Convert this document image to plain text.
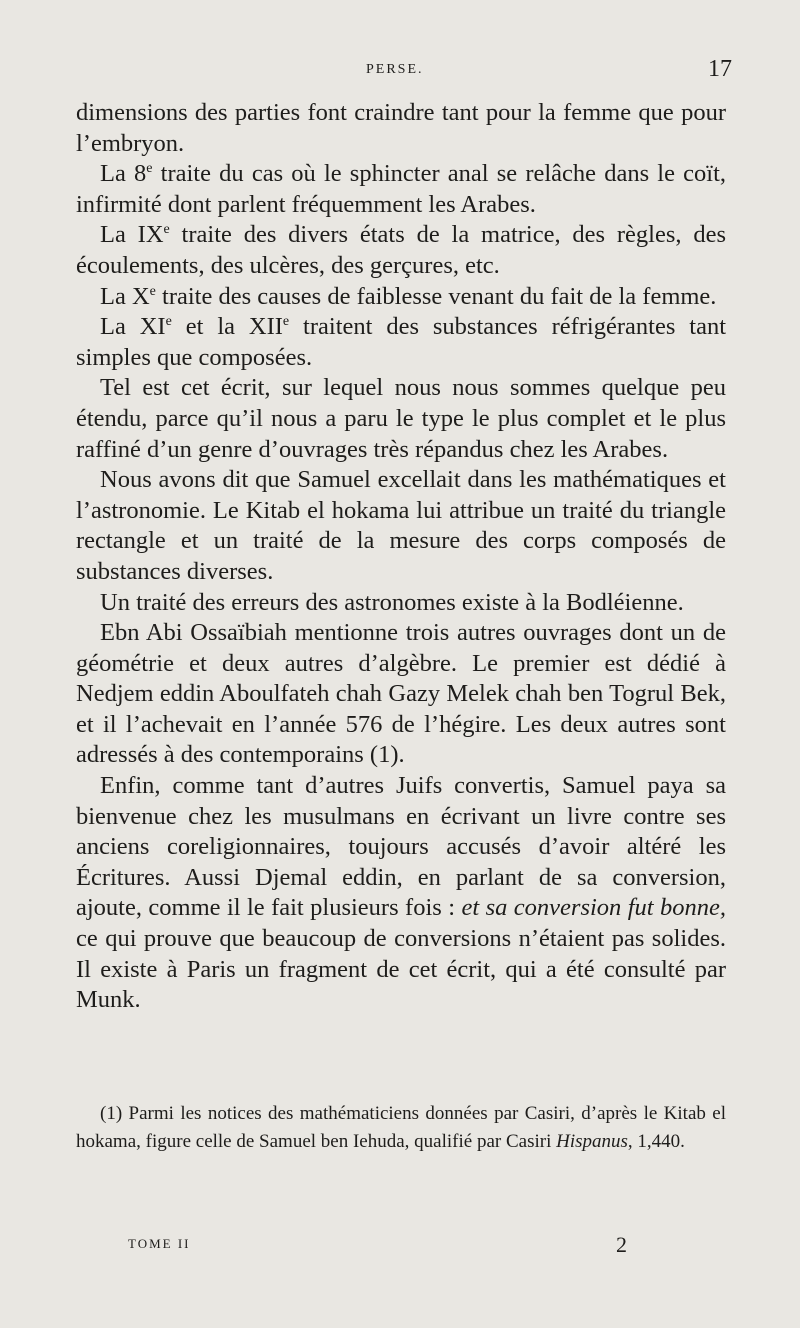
PERSE.	17

dimensions des parties font craindre tant pour la femme que pour l’embryon.

La 8e traite du cas où le sphincter anal se relâche dans le coït, infirmité dont parlent fréquemment les Arabes.

La IXe traite des divers états de la matrice, des règles, des écoulements, des ulcères, des gerçures, etc.

La Xe traite des causes de faiblesse venant du fait de la femme.

La XIe et la XIIe traitent des substances réfrigérantes tant simples que composées.

Tel est cet écrit, sur lequel nous nous sommes quelque peu étendu, parce qu’il nous a paru le type le plus complet et le plus raffiné d’un genre d’ouvrages très répandus chez les Arabes.

Nous avons dit que Samuel excellait dans les mathématiques et l’astronomie. Le Kitab el hokama lui attribue un traité du triangle rectangle et un traité de la mesure des corps composés de substances diverses.

Un traité des erreurs des astronomes existe à la Bodléienne.

Ebn Abi Ossaïbiah mentionne trois autres ouvrages dont un de géométrie et deux autres d’algèbre. Le premier est dédié à Nedjem eddin Aboulfateh chah Gazy Melek chah ben Togrul Bek, et il l’achevait en l’année 576 de l’hégire. Les deux autres sont adressés à des contemporains (1).

Enfin, comme tant d’autres Juifs convertis, Samuel paya sa bienvenue chez les musulmans en écrivant un livre contre ses anciens coreligionnaires, toujours accusés d’avoir altéré les Écritures. Aussi Djemal eddin, en parlant de sa conversion, ajoute, comme il le fait plusieurs fois : et sa conversion fut bonne, ce qui prouve que beaucoup de conversions n’étaient pas solides. Il existe à Paris un fragment de cet écrit, qui a été consulté par Munk.

(1) Parmi les notices des mathématiciens données par Casiri, d’après le Kitab el hokama, figure celle de Samuel ben Iehuda, qualifié par Casiri Hispanus, 1,440.

TOME II	2
